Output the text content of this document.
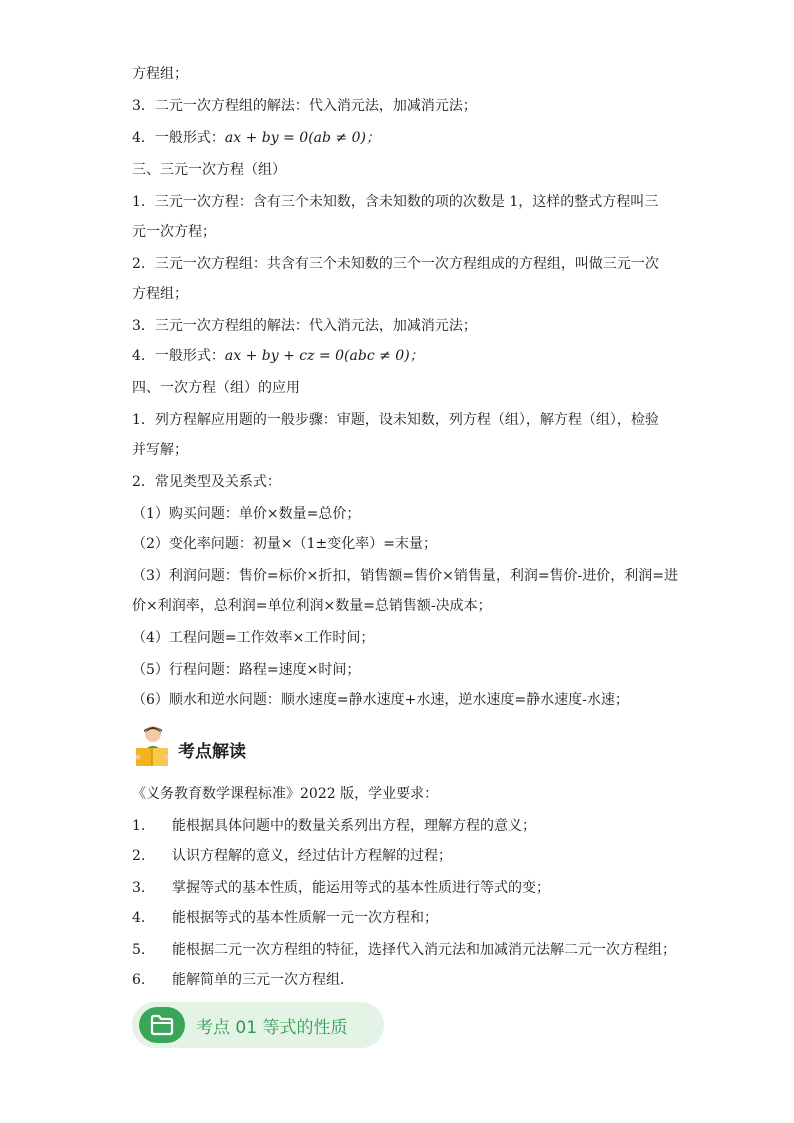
方程组；
3．二元一次方程组的解法：代入消元法，加减消元法；
4．一般形式：ax + by = 0(ab ≠ 0)；
三、三元一次方程（组）
1．三元一次方程：含有三个未知数，含未知数的项的次数是 1，这样的整式方程叫三
元一次方程；
2．三元一次方程组：共含有三个未知数的三个一次方程组成的方程组，叫做三元一次
方程组；
3．三元一次方程组的解法：代入消元法，加减消元法；
4．一般形式：ax + by + cz = 0(abc ≠ 0)；
四、一次方程（组）的应用
1．列方程解应用题的一般步骤：审题，设未知数，列方程（组），解方程（组），检验
并写解；
2．常见类型及关系式：
（1）购买问题：单价×数量=总价；
（2）变化率问题：初量×（1±变化率）=末量；
（3）利润问题：售价=标价×折扣，销售额=售价×销售量，利润=售价-进价，利润=进
价×利润率，总利润=单位利润×数量=总销售额-决成本；
（4）工程问题=工作效率×工作时间；
（5）行程问题：路程=速度×时间；
（6）顺水和逆水问题：顺水速度=静水速度+水速，逆水速度=静水速度-水速；
考点解读
《义务教育数学课程标准》2022 版，学业要求：
1. 能根据具体问题中的数量关系列出方程，理解方程的意义；
2. 认识方程解的意义，经过估计方程解的过程；
3. 掌握等式的基本性质，能运用等式的基本性质进行等式的变；
4. 能根据等式的基本性质解一元一次方程和；
5. 能根据二元一次方程组的特征，选择代入消元法和加减消元法解二元一次方程组；
6. 能解简单的三元一次方程组．
考点 01 等式的性质
